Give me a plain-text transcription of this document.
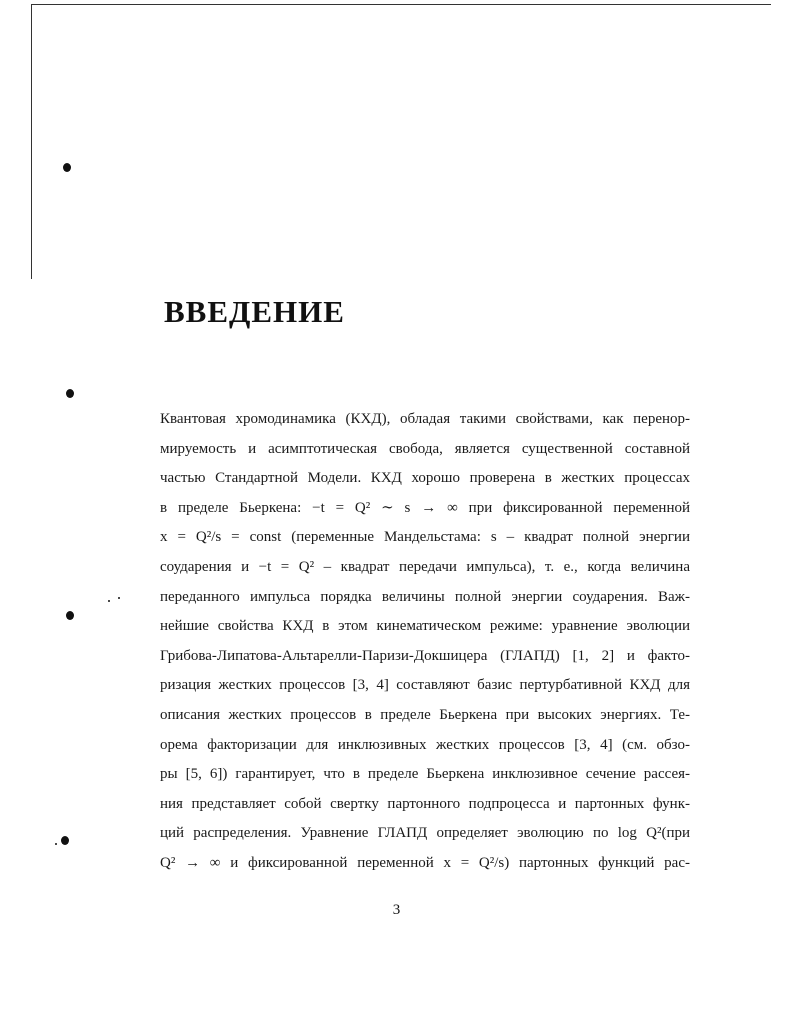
ВВЕДЕНИЕ
Квантовая хромодинамика (КХД), обладая такими свойствами, как перенор-
мируемость и асимптотическая свобода, является существенной составной
частью Стандартной Модели. КХД хорошо проверена в жестких процессах
в пределе Бьеркена: −t = Q² ∼ s → ∞ при фиксированной переменной
x = Q²/s = const (переменные Мандельстама: s – квадрат полной энергии
соударения и −t = Q² – квадрат передачи импульса), т. е., когда величина
переданного импульса порядка величины полной энергии соударения. Важ-
нейшие свойства КХД в этом кинематическом режиме: уравнение эволюции
Грибова-Липатова-Альтарелли-Паризи-Докшицера (ГЛАПД) [1, 2] и факто-
ризация жестких процессов [3, 4] составляют базис пертурбативной КХД для
описания жестких процессов в пределе Бьеркена при высоких энергиях. Те-
орема факторизации для инклюзивных жестких процессов [3, 4] (см. обзо-
ры [5, 6]) гарантирует, что в пределе Бьеркена инклюзивное сечение рассея-
ния представляет собой свертку партонного подпроцесса и партонных функ-
ций распределения. Уравнение ГЛАПД определяет эволюцию по log Q²(при
Q² → ∞ и фиксированной переменной x = Q²/s) партонных функций рас-
3
